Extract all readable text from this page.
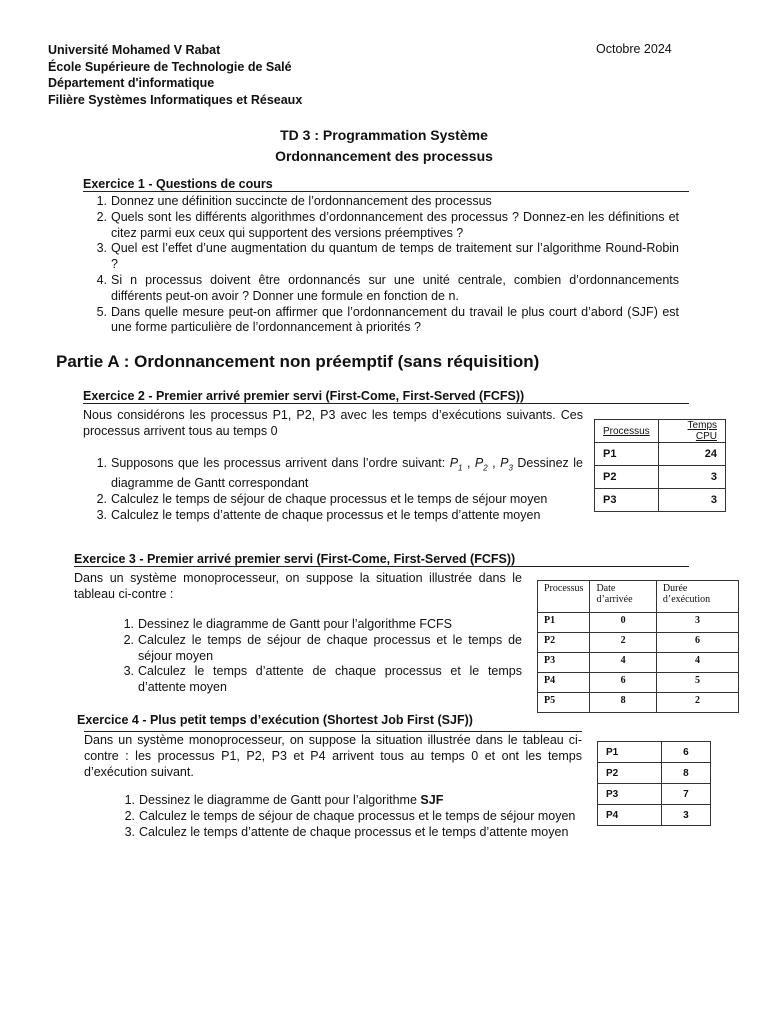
Université Mohamed V Rabat
École Supérieure de Technologie de Salé
Département d'informatique
Filière Systèmes Informatiques et Réseaux
Octobre 2024
TD 3 : Programmation Système
Ordonnancement des processus
Exercice 1 - Questions de cours
1. Donnez une définition succincte de l’ordonnancement des processus
2. Quels sont les différents algorithmes d’ordonnancement des processus ? Donnez-en les définitions et citez parmi eux ceux qui supportent des versions préemptives ?
3. Quel est l’effet d’une augmentation du quantum de temps de traitement sur l’algorithme Round-Robin ?
4. Si n processus doivent être ordonnancés sur une unité centrale, combien d’ordonnancements différents peut-on avoir ? Donner une formule en fonction de n.
5. Dans quelle mesure peut-on affirmer que l’ordonnancement du travail le plus court d’abord (SJF) est une forme particulière de l’ordonnancement à priorités ?
Partie A : Ordonnancement non préemptif (sans réquisition)
Exercice 2 - Premier arrivé premier servi (First-Come, First-Served (FCFS))
Nous considérons les processus P1, P2, P3 avec les temps d’exécutions suivants. Ces processus arrivent tous au temps 0
1. Supposons que les processus arrivent dans l’ordre suivant: $P_1$ , $P_2$ , $P_3$ Dessinez le diagramme de Gantt correspondant
2. Calculez le temps de séjour de chaque processus et le temps de séjour moyen
3. Calculez le temps d’attente de chaque processus et le temps d’attente moyen
Processus	Temps CPU
P1	24
P2	3
P3	3
Exercice 3 - Premier arrivé premier servi (First-Come, First-Served (FCFS))
Dans un système monoprocesseur, on suppose la situation illustrée dans le tableau ci-contre :
1. Dessinez le diagramme de Gantt pour l’algorithme FCFS
2. Calculez le temps de séjour de chaque processus et le temps de séjour moyen
3. Calculez le temps d’attente de chaque processus et le temps d’attente moyen
Processus	Date d’arrivée	Durée d’exécution
P1	0	3
P2	2	6
P3	4	4
P4	6	5
P5	8	2
Exercice 4 - Plus petit temps d’exécution (Shortest Job First (SJF))
Dans un système monoprocesseur, on suppose la situation illustrée dans le tableau ci-contre : les processus P1, P2, P3 et P4 arrivent tous au temps 0 et ont les temps d’exécution suivant.
1. Dessinez le diagramme de Gantt pour l’algorithme SJF
2. Calculez le temps de séjour de chaque processus et le temps de séjour moyen
3. Calculez le temps d’attente de chaque processus et le temps d’attente moyen
P1	6
P2	8
P3	7
P4	3
